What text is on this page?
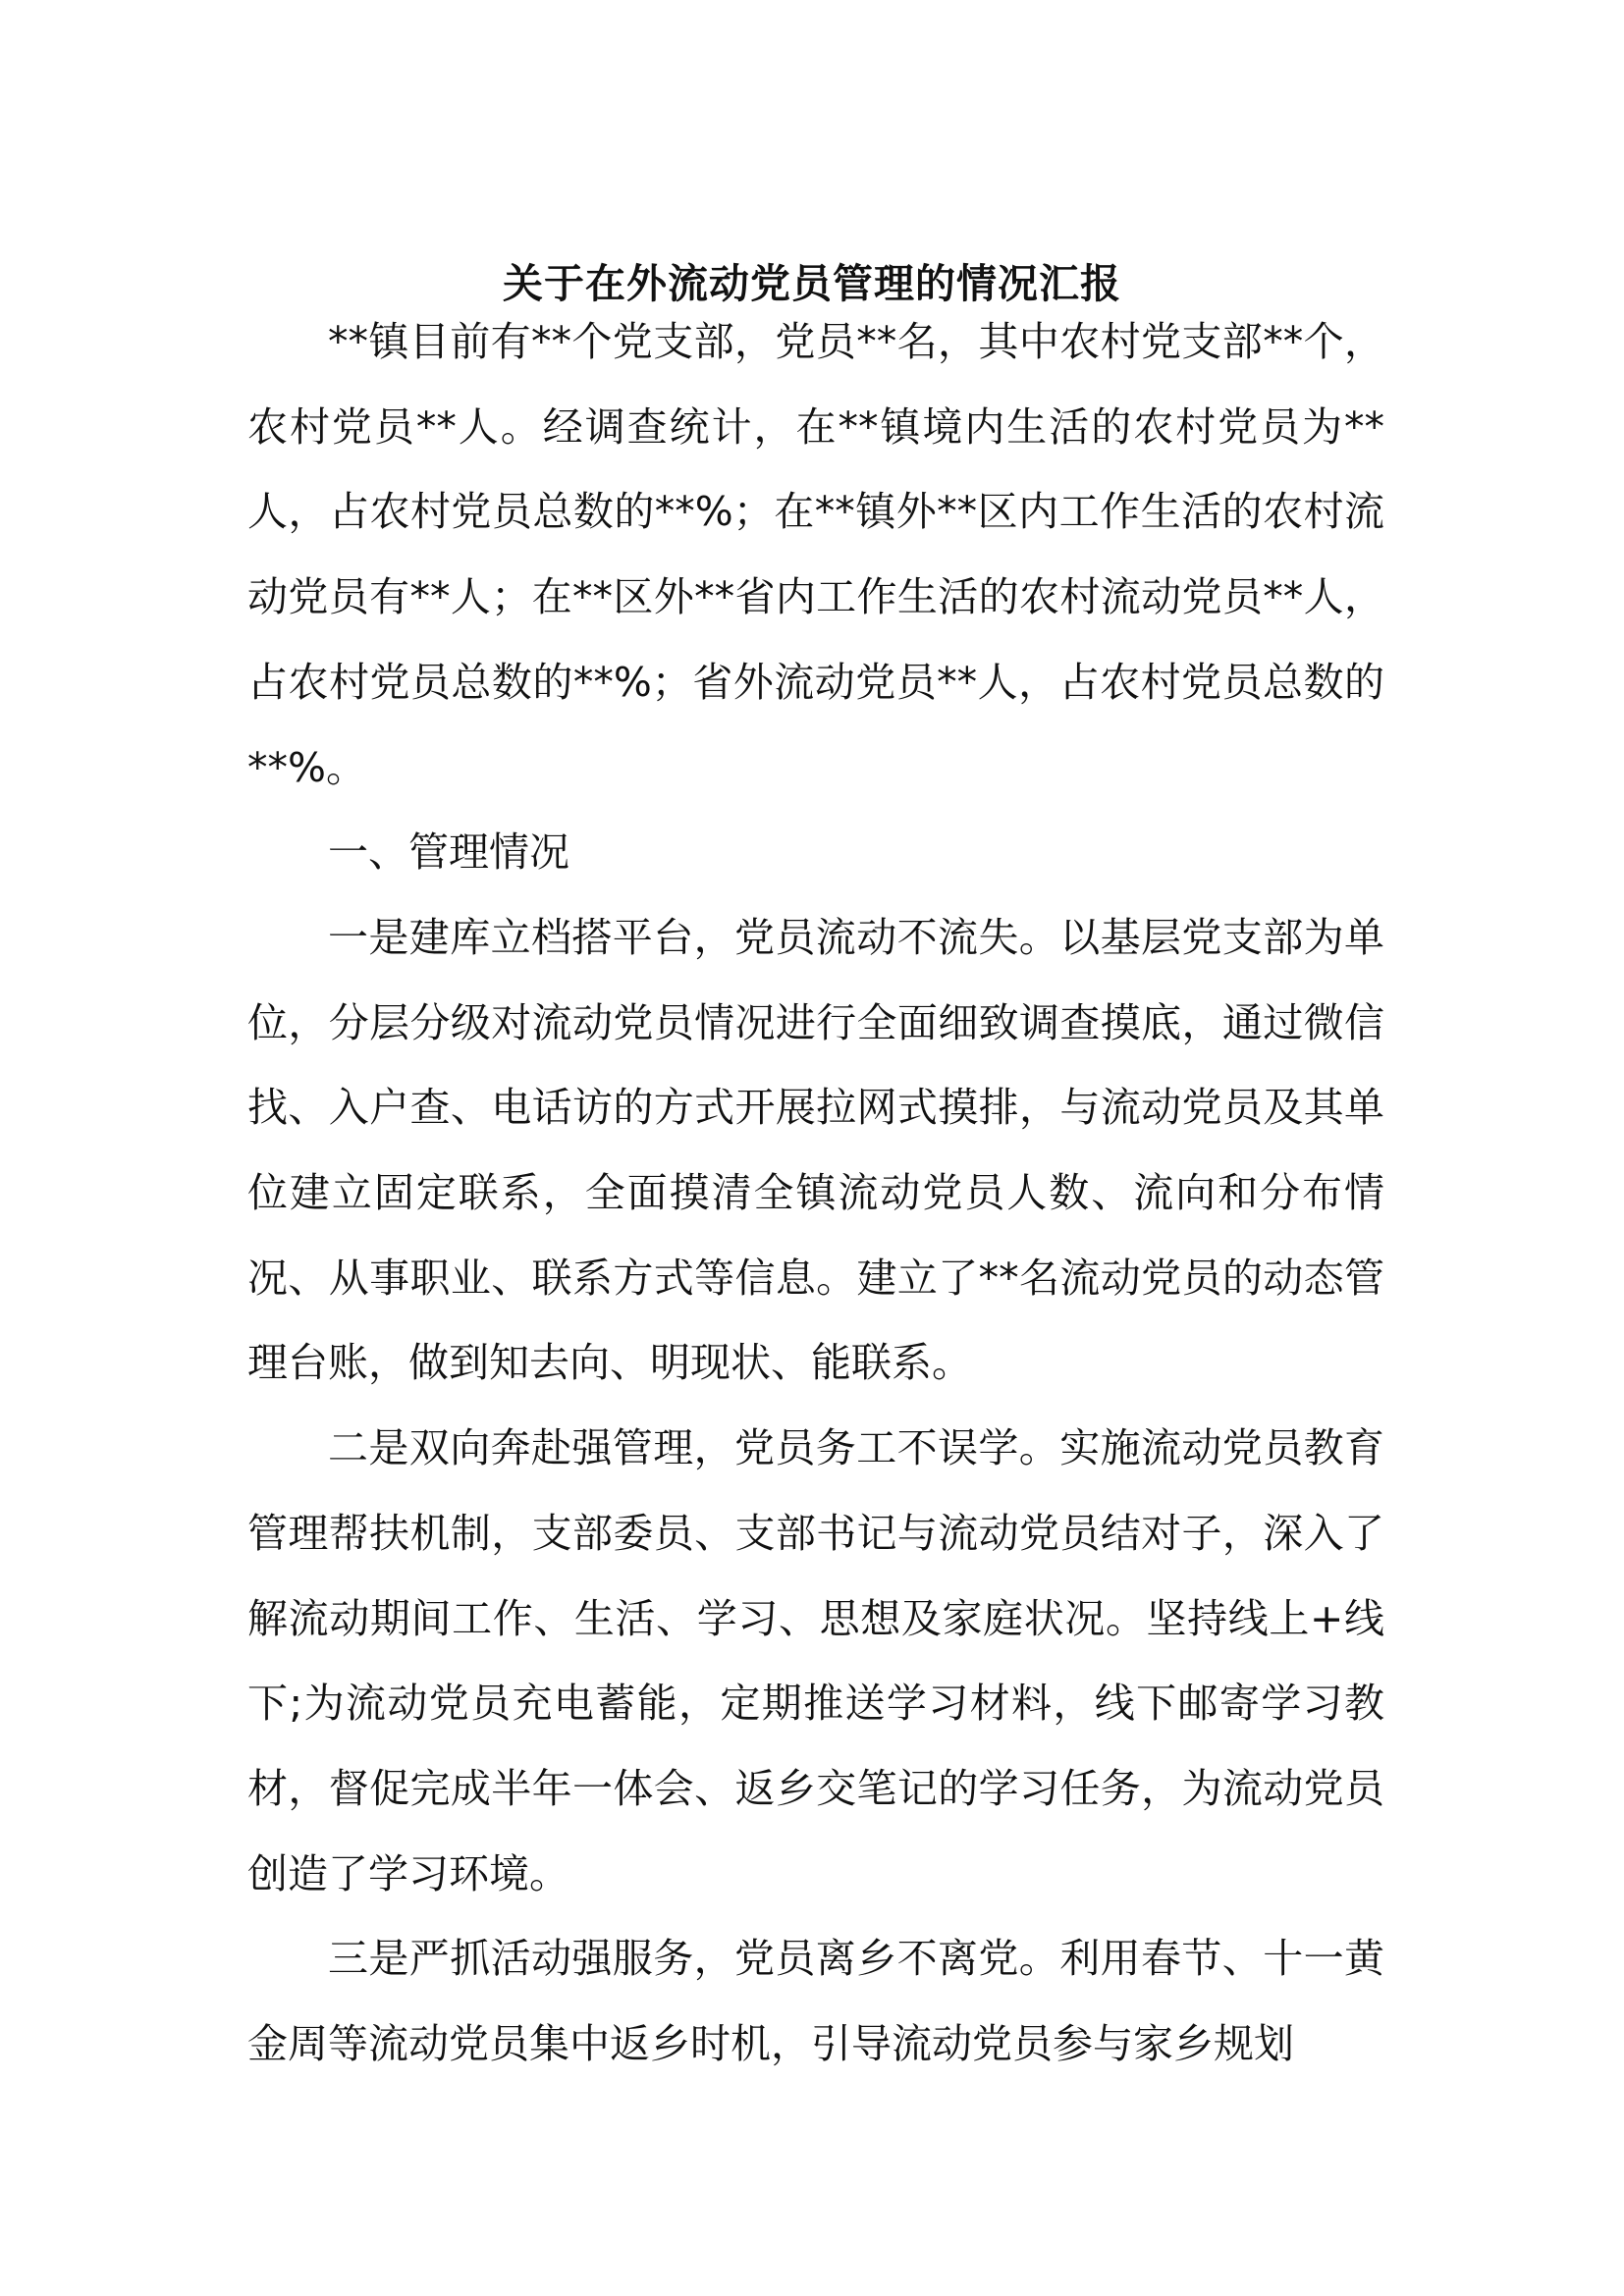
关于在外流动党员管理的情况汇报

**镇目前有**个党支部，党员**名，其中农村党支部**个，农村党员**人。经调查统计，在**镇境内生活的农村党员为**人，占农村党员总数的**%；在**镇外**区内工作生活的农村流动党员有**人；在**区外**省内工作生活的农村流动党员**人，占农村党员总数的**%；省外流动党员**人，占农村党员总数的**%。

一、管理情况

一是建库立档搭平台，党员流动不流失。以基层党支部为单位，分层分级对流动党员情况进行全面细致调查摸底，通过微信找、入户查、电话访的方式开展拉网式摸排，与流动党员及其单位建立固定联系，全面摸清全镇流动党员人数、流向和分布情况、从事职业、联系方式等信息。建立了**名流动党员的动态管理台账，做到知去向、明现状、能联系。

二是双向奔赴强管理，党员务工不误学。实施流动党员教育管理帮扶机制，支部委员、支部书记与流动党员结对子，深入了解流动期间工作、生活、学习、思想及家庭状况。坚持线上+线下;为流动党员充电蓄能，定期推送学习材料，线下邮寄学习教材，督促完成半年一体会、返乡交笔记的学习任务，为流动党员创造了学习环境。

三是严抓活动强服务，党员离乡不离党。利用春节、十一黄金周等流动党员集中返乡时机，引导流动党员参与家乡规划
